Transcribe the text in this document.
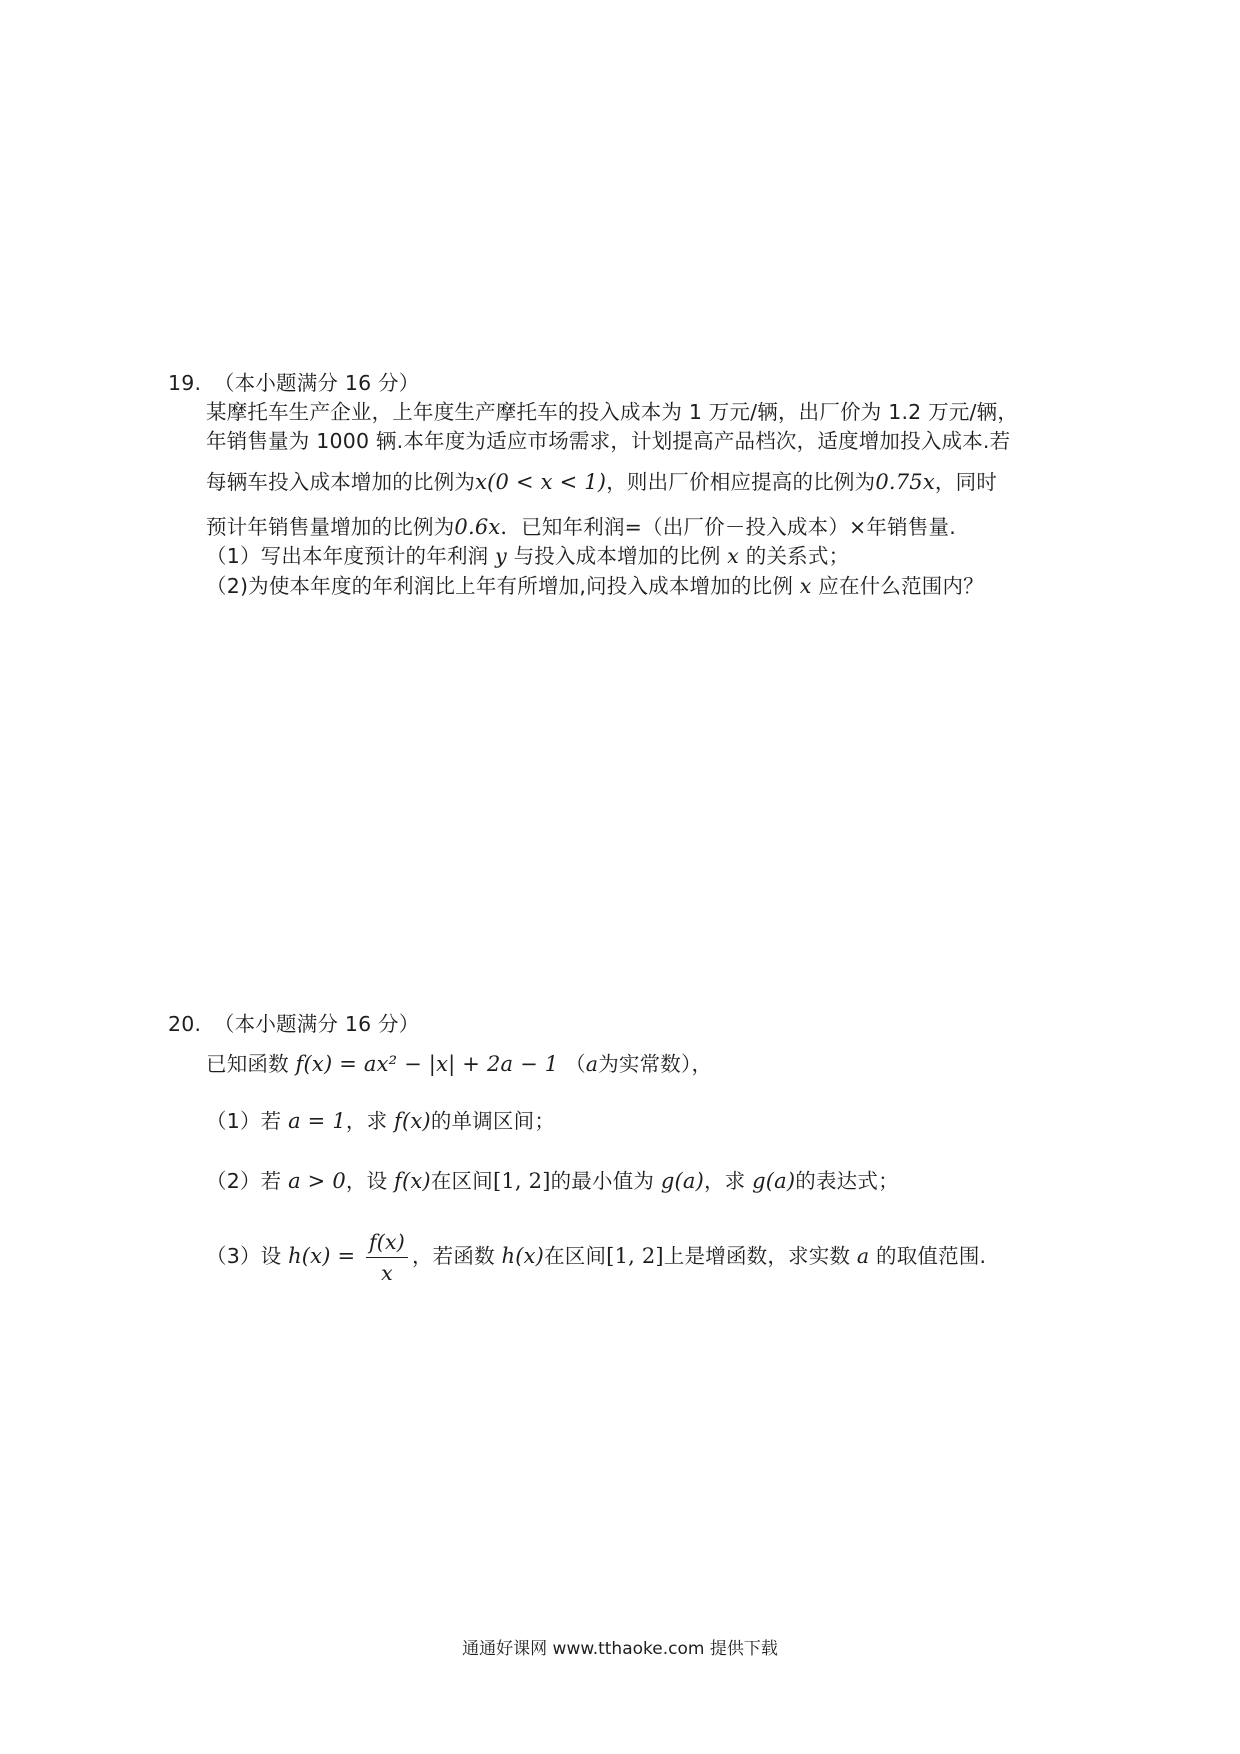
19. （本小题满分 16 分）
某摩托车生产企业，上年度生产摩托车的投入成本为 1 万元/辆，出厂价为 1.2 万元/辆，
年销售量为 1000 辆.本年度为适应市场需求，计划提高产品档次，适度增加投入成本.若
每辆车投入成本增加的比例为x(0 < x < 1)，则出厂价相应提高的比例为0.75x，同时
预计年销售量增加的比例为0.6x．已知年利润=（出厂价－投入成本）×年销售量.
（1）写出本年度预计的年利润 y 与投入成本增加的比例 x 的关系式；
（2)为使本年度的年利润比上年有所增加,问投入成本增加的比例 x 应在什么范围内？
20. （本小题满分 16 分）
已知函数 f(x) = ax² − |x| + 2a − 1 （a为实常数），
（1）若 a = 1，求 f(x)的单调区间；
（2）若 a > 0，设 f(x)在区间[1, 2]的最小值为 g(a)，求 g(a)的表达式；
（3）设 $h(x) = \frac{f(x)}{x}$ ，若函数 h(x)在区间[1, 2]上是增函数，求实数 a 的取值范围.
通通好课网 www.tthaoke.com 提供下载
